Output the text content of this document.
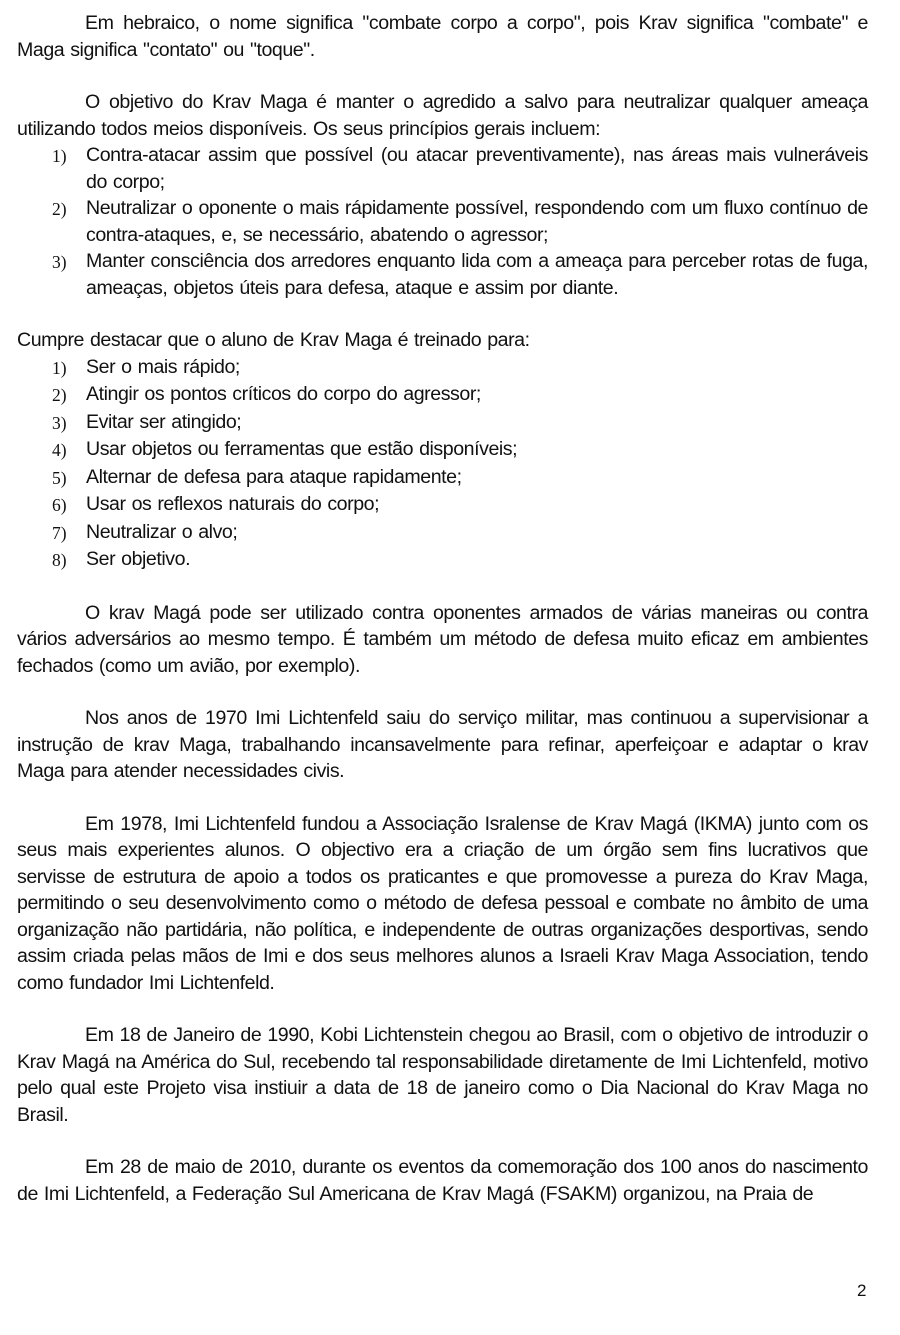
Em hebraico, o nome significa "combate corpo a corpo", pois Krav significa "combate" e Maga significa "contato" ou "toque".

O objetivo do Krav Maga é manter o agredido a salvo para neutralizar qualquer ameaça utilizando todos meios disponíveis. Os seus princípios gerais incluem:

1) Contra-atacar assim que possível (ou atacar preventivamente), nas áreas mais vulneráveis do corpo;
2) Neutralizar o oponente o mais rápidamente possível, respondendo com um fluxo contínuo de contra-ataques, e, se necessário, abatendo o agressor;
3) Manter consciência dos arredores enquanto lida com a ameaça para perceber rotas de fuga, ameaças, objetos úteis para defesa, ataque e assim por diante.

Cumpre destacar que o aluno de Krav Maga é treinado para:

1) Ser o mais rápido;
2) Atingir os pontos críticos do corpo do agressor;
3) Evitar ser atingido;
4) Usar objetos ou ferramentas que estão disponíveis;
5) Alternar de defesa para ataque rapidamente;
6) Usar os reflexos naturais do corpo;
7) Neutralizar o alvo;
8) Ser objetivo.

O krav Magá pode ser utilizado contra oponentes armados de várias maneiras ou contra vários adversários ao mesmo tempo. É também um método de defesa muito eficaz em ambientes fechados (como um avião, por exemplo).

Nos anos de 1970 Imi Lichtenfeld saiu do serviço militar, mas continuou a supervisionar a instrução de krav Maga, trabalhando incansavelmente para refinar, aperfeiçoar e adaptar o krav Maga para atender necessidades civis.

Em 1978, Imi Lichtenfeld fundou a Associação Isralense de Krav Magá (IKMA) junto com os seus mais experientes alunos. O objectivo era a criação de um órgão sem fins lucrativos que servisse de estrutura de apoio a todos os praticantes e que promovesse a pureza do Krav Maga, permitindo o seu desenvolvimento como o método de defesa pessoal e combate no âmbito de uma organização não partidária, não política, e independente de outras organizações desportivas, sendo assim criada pelas mãos de Imi e dos seus melhores alunos a Israeli Krav Maga Association, tendo como fundador Imi Lichtenfeld.

Em 18 de Janeiro de 1990, Kobi Lichtenstein chegou ao Brasil, com o objetivo de introduzir o Krav Magá na América do Sul, recebendo tal responsabilidade diretamente de Imi Lichtenfeld, motivo pelo qual este Projeto visa instiuir a data de 18 de janeiro como o Dia Nacional do Krav Maga no Brasil.

Em 28 de maio de 2010, durante os eventos da comemoração dos 100 anos do nascimento de Imi Lichtenfeld, a Federação Sul Americana de Krav Magá (FSAKM) organizou, na Praia de

2
